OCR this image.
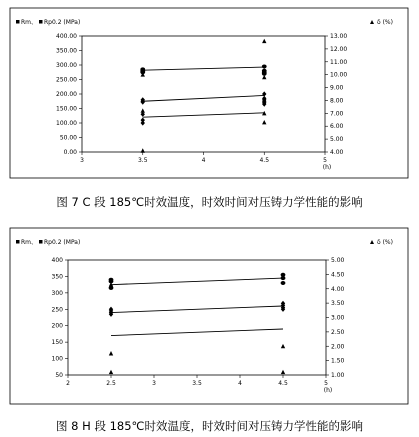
Rm、 Rp0.2 (MPa)	δ (%)
0.00
50.00
100.00
150.00
200.00
250.00
300.00
350.00
400.00
4.00
5.00
6.00
7.00
8.00
9.00
10.00
11.00
12.00
13.00
3	3.5	4	4.5	5
(h)
图 7 C 段 185℃时效温度，时效时间对压铸力学性能的影响
Rm、 Rp0.2 (MPa)	δ (%)
50
100
150
200
250
300
350
400
1.00
1.50
2.00
2.50
3.00
3.50
4.00
4.50
5.00
2	2.5	3	3.5	4	4.5	5
(h)
图 8 H 段 185℃时效温度，时效时间对压铸力学性能的影响
